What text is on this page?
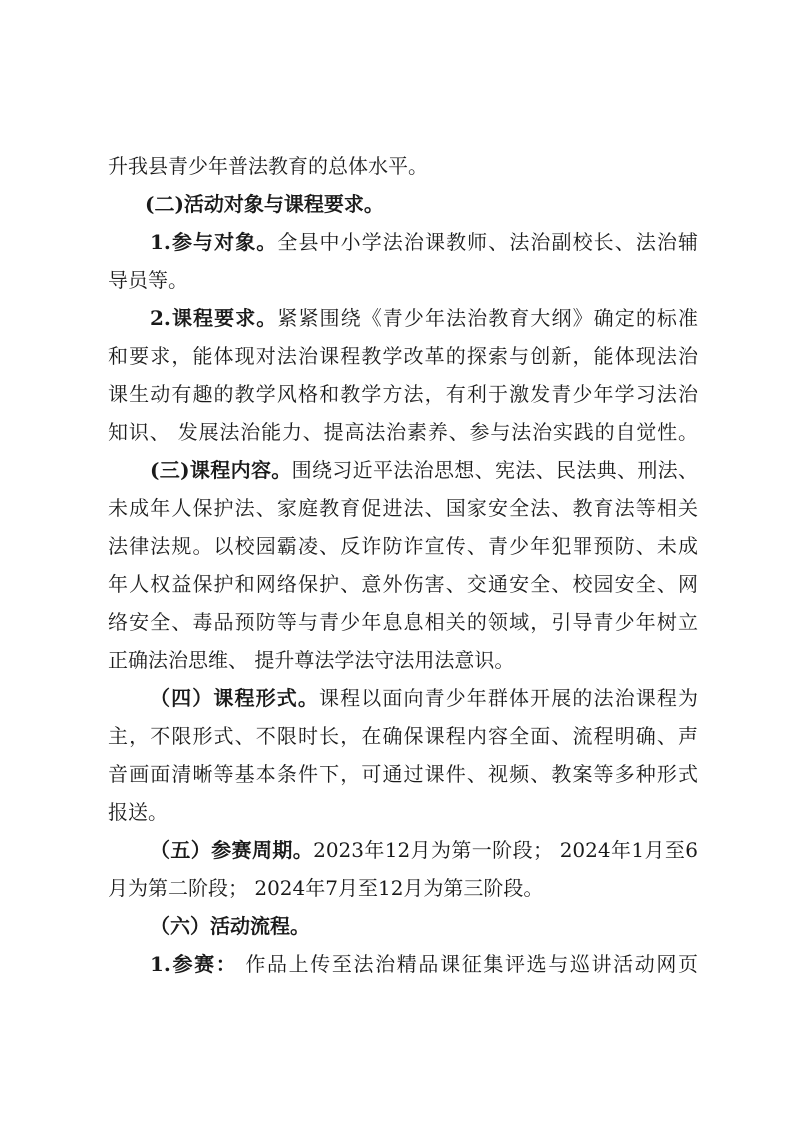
升我县青少年普法教育的总体水平。
(二)活动对象与课程要求。
1.参与对象。全县中小学法治课教师、法治副校长、法治辅
导员等。
2.课程要求。紧紧围绕《青少年法治教育大纲》确定的标准
和要求，能体现对法治课程教学改革的探索与创新，能体现法治
课生动有趣的教学风格和教学方法，有利于激发青少年学习法治
知识、 发展法治能力、提高法治素养、参与法治实践的自觉性。
(三)课程内容。围绕习近平法治思想、宪法、民法典、刑法、
未成年人保护法、家庭教育促进法、国家安全法、教育法等相关
法律法规。以校园霸凌、反诈防诈宣传、青少年犯罪预防、未成
年人权益保护和网络保护、意外伤害、交通安全、校园安全、网
络安全、毒品预防等与青少年息息相关的领域，引导青少年树立
正确法治思维、 提升尊法学法守法用法意识。
（四）课程形式。课程以面向青少年群体开展的法治课程为
主，不限形式、不限时长，在确保课程内容全面、流程明确、声
音画面清晰等基本条件下，可通过课件、视频、教案等多种形式
报送。
（五）参赛周期。2023年12月为第一阶段； 2024年1月至6
月为第二阶段； 2024年7月至12月为第三阶段。
（六）活动流程。
1.参赛： 作品上传至法治精品课征集评选与巡讲活动网页
